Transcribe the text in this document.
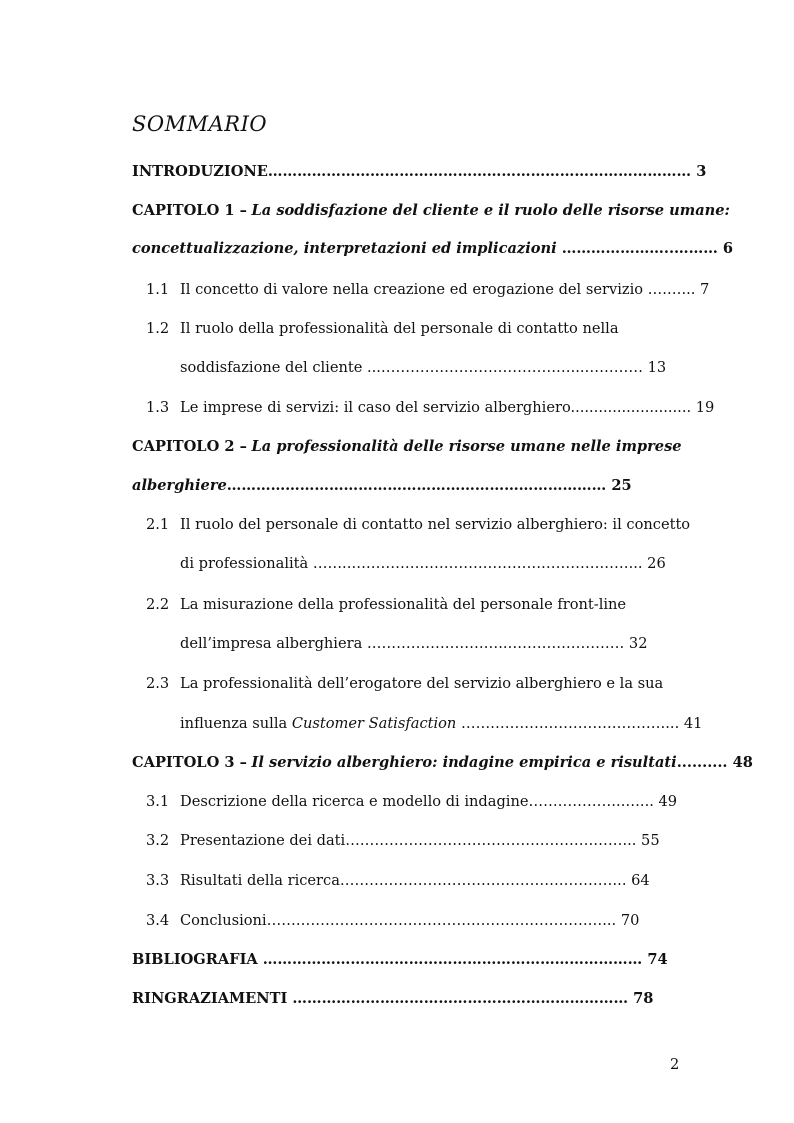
SOMMARIO
INTRODUZIONE…………………………………………………………………………… 3
CAPITOLO 1 – La soddisfazione del cliente e il ruolo delle risorse umane:
concettualizzazione, interpretazioni ed implicazioni …………………..……… 6
1.1 Il concetto di valore nella creazione ed erogazione del servizio ….…... 7
1.2 Il ruolo della professionalità del personale di contatto nella
soddisfazione del cliente ...…………………………………...………… 13
1.3 Le imprese di servizi: il caso del servizio alberghiero.......................... 19
CAPITOLO 2 – La professionalità delle risorse umane nelle imprese
alberghiere…………………………………………………………………… 25
2.1 Il ruolo del personale di contatto nel servizio alberghiero: il concetto
di professionalità ……..…………………………………………………... 26
2.2 La misurazione della professionalità del personale front-line
dell’impresa alberghiera ………………………..…………………… 32
2.3 La professionalità dell’erogatore del servizio alberghiero e la sua
influenza sulla Customer Satisfaction ……………………………………... 41
CAPITOLO 3 – Il servizio alberghiero: indagine empirica e risultati.......... 48
3.1 Descrizione della ricerca e modello di indagine………………..…... 49
3.2 Presentazione dei dati…………………………………………………... 55
3.3 Risultati della ricerca………………………………………………….. 64
3.4 Conclusioni……………………………………………………………... 70
BIBLIOGRAFIA …………………………………………………………………… 74
RINGRAZIAMENTI …………………………………………………………… 78
2
